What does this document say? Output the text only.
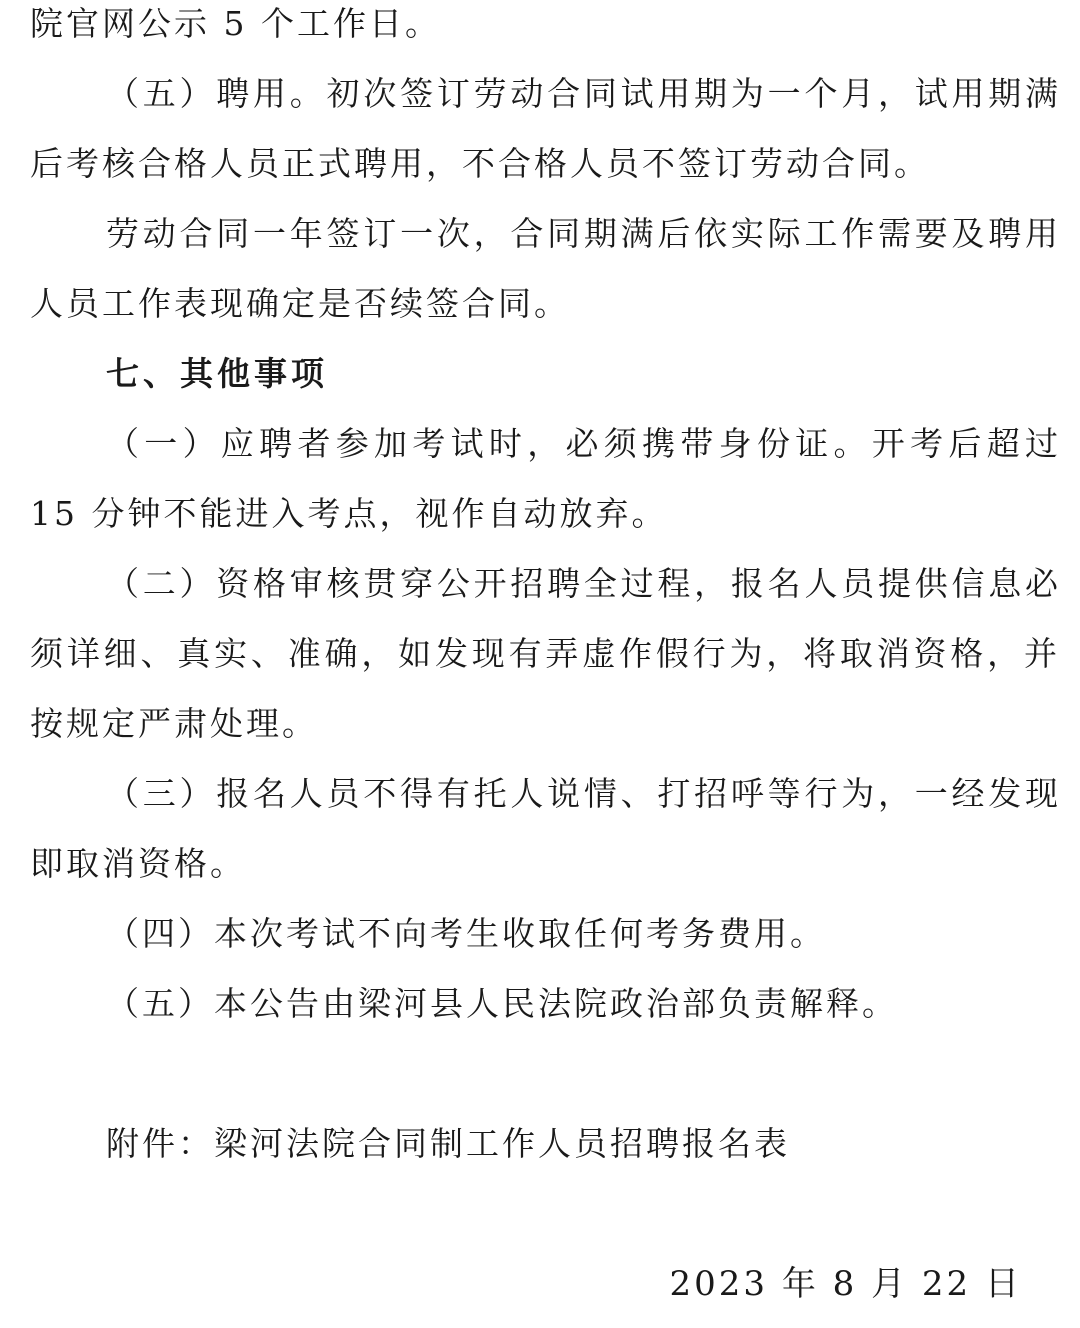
院官网公示 5 个工作日。
（五）聘用。初次签订劳动合同试用期为一个月，试用期满
后考核合格人员正式聘用，不合格人员不签订劳动合同。
劳动合同一年签订一次，合同期满后依实际工作需要及聘用
人员工作表现确定是否续签合同。
七、其他事项
（一）应聘者参加考试时，必须携带身份证。开考后超过
15 分钟不能进入考点，视作自动放弃。
（二）资格审核贯穿公开招聘全过程，报名人员提供信息必
须详细、真实、准确，如发现有弄虚作假行为，将取消资格，并
按规定严肃处理。
（三）报名人员不得有托人说情、打招呼等行为，一经发现
即取消资格。
（四）本次考试不向考生收取任何考务费用。
（五）本公告由梁河县人民法院政治部负责解释。
附件：梁河法院合同制工作人员招聘报名表
2023 年 8 月 22 日
